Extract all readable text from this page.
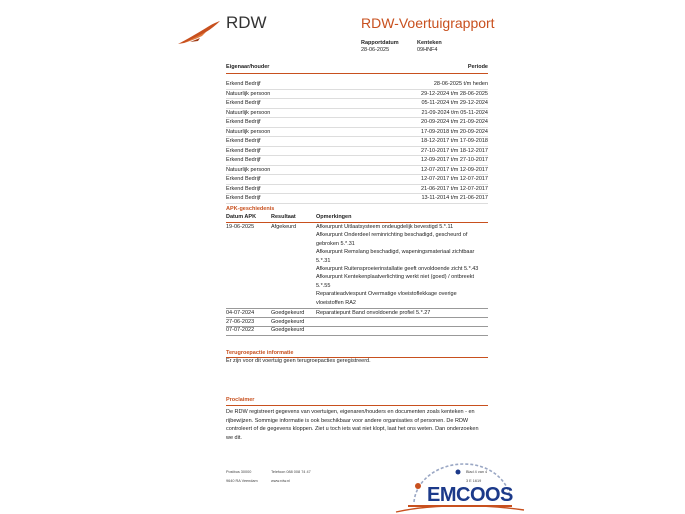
RDW	RDW-Voertuigrapport
Rapportdatum
28-06-2025
Kenteken
09HNF4
Eigenaar/houder	Periode
Erkend Bedrijf	28-06-2025 t/m heden
Natuurlijk persoon	29-12-2024 t/m 28-06-2025
Erkend Bedrijf	05-11-2024 t/m 29-12-2024
Natuurlijk persoon	21-09-2024 t/m 05-11-2024
Erkend Bedrijf	20-09-2024 t/m 21-09-2024
Natuurlijk persoon	17-09-2018 t/m 20-09-2024
Erkend Bedrijf	18-12-2017 t/m 17-09-2018
Erkend Bedrijf	27-10-2017 t/m 18-12-2017
Erkend Bedrijf	12-09-2017 t/m 27-10-2017
Natuurlijk persoon	12-07-2017 t/m 12-09-2017
Erkend Bedrijf	12-07-2017 t/m 12-07-2017
Erkend Bedrijf	21-06-2017 t/m 12-07-2017
Erkend Bedrijf	13-11-2014 t/m 21-06-2017
APK-geschiedenis
Datum APK	Resultaat	Opmerkingen
19-06-2025	Afgekeurd	Afkeurpunt Uitlaatsysteem ondeugdelijk bevestigd 5.*.11
Afkeurpunt Onderdeel reminrichting beschadigd, gescheurd of
gebroken 5.*.31
Afkeurpunt Remslang beschadigd, wapeningsmateriaal zichtbaar
5.*.31
Afkeurpunt Ruitensproeierinstallatie geeft onvoldoende zicht 5.*.43
Afkeurpunt Kentekenplaatverlichting werkt niet (goed) / ontbreekt
5.*.55
Reparatieadviespunt Overmatige vloeistoflekkage overige
vloeistoffen RA2
04-07-2024	Goedgekeurd Reparatiepunt Band onvoldoende profiel 5.*.27
27-06-2023	Goedgekeurd
07-07-2022	Goedgekeurd
Terugroepactie informatie
Er zijn voor dit voertuig geen terugroepacties geregistreerd.
Proclaimer
De RDW registreert gegevens van voertuigen, eigenaren/houders en documenten zoals kenteken - en
rijbewijzen. Sommige informatie is ook beschikbaar voor andere organisaties of personen. De RDW
controleert of de gegevens kloppen. Ziet u toch iets wat niet klopt, laat het ons weten. Dan onderzoeken
we dit.
Postbus 30000
9640 RA Veendam
Telefoon 088 008 74 47
www.rdw.nl
Blad 4 van 4
3 E 1619
EMCOOS
